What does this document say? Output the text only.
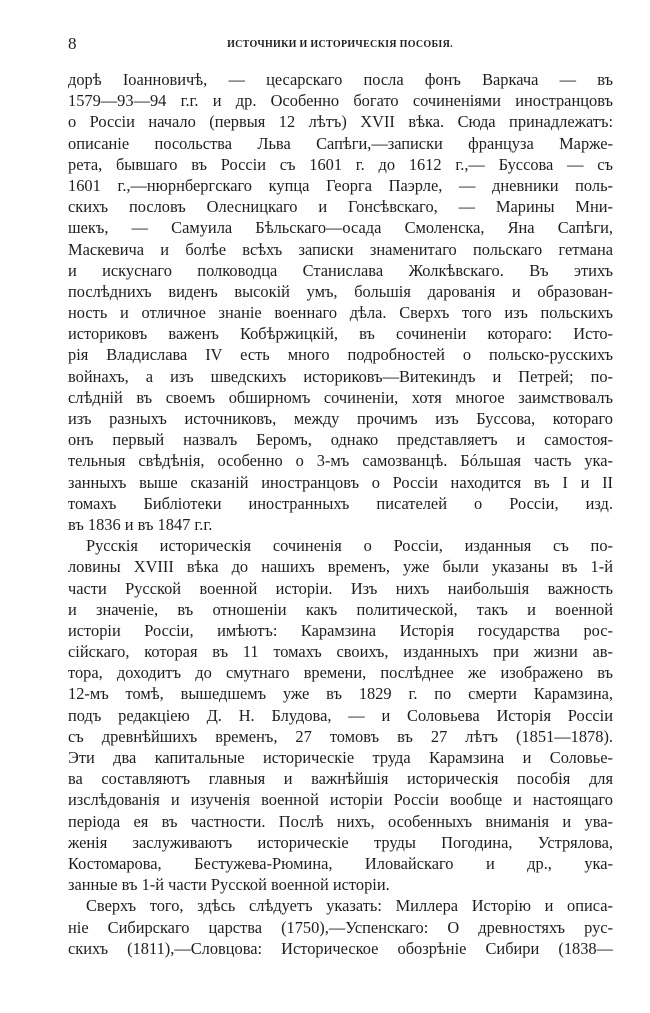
8	ИСТОЧНИКИ И ИСТОРИЧЕСКІЯ ПОСОБІЯ.
дорѣ Іоанновичѣ, — цесарскаго посла фонъ Варкача — въ
1579—93—94 г.г. и др. Особенно богато сочиненіями иностранцовъ
о Россіи начало (первыя 12 лѣтъ) XVII вѣка. Сюда принадлежатъ:
описаніе посольства Льва Сапѣги,—записки француза Марже-
рета, бывшаго въ Россіи съ 1601 г. до 1612 г.,— Буссова — съ
1601 г.,—нюрнбергскаго купца Георга Паэрле, — дневники поль-
скихъ пословъ Олесницкаго и Гонсѣвскаго, — Марины Мни-
шекъ, — Самуила Бѣльскаго—осада Смоленска, Яна Сапѣги,
Маскевича и болѣе всѣхъ записки знаменитаго польскаго гетмана
и искуснаго полководца Станислава Жолкѣвскаго. Въ этихъ
послѣднихъ виденъ высокій умъ, большія дарованія и образован-
ность и отличное знаніе военнаго дѣла. Сверхъ того изъ польскихъ
историковъ важенъ Кобѣржицкій, въ сочиненіи котораго: Исто-
рія Владислава IV есть много подробностей о польско-русскихъ
войнахъ, а изъ шведскихъ историковъ—Витекиндъ и Петрей; по-
слѣдній въ своемъ обширномъ сочиненіи, хотя многое заимствовалъ
изъ разныхъ источниковъ, между прочимъ изъ Буссова, котораго
онъ первый назвалъ Беромъ, однако представляетъ и самостоя-
тельныя свѣдѣнія, особенно о 3-мъ самозванцѣ. Бóльшая часть ука-
занныхъ выше сказаній иностранцовъ о Россіи находится въ I и II
томахъ Библіотеки иностранныхъ писателей о Россіи, изд.
въ 1836 и въ 1847 г.г.
Русскія историческія сочиненія о Россіи, изданныя съ по-
ловины XVIII вѣка до нашихъ временъ, уже были указаны въ 1-й
части Русской военной исторіи. Изъ нихъ наибольшія важность
и значеніе, въ отношеніи какъ политической, такъ и военной
исторіи Россіи, имѣютъ: Карамзина Исторія государства рос-
сійскаго, которая въ 11 томахъ своихъ, изданныхъ при жизни ав-
тора, доходитъ до смутнаго времени, послѣднее же изображено въ
12-мъ томѣ, вышедшемъ уже въ 1829 г. по смерти Карамзина,
подъ редакціею Д. Н. Блудова, — и Соловьева Исторія Россіи
съ древнѣйшихъ временъ, 27 томовъ въ 27 лѣтъ (1851—1878).
Эти два капитальные историческіе труда Карамзина и Соловье-
ва составляютъ главныя и важнѣйшія историческія пособія для
изслѣдованія и изученія военной исторіи Россіи вообще и настоящаго
періода ея въ частности. Послѣ нихъ, особенныхъ вниманія и ува-
женія заслуживаютъ историческіе труды Погодина, Устрялова,
Костомарова, Бестужева-Рюмина, Иловайскаго и др., ука-
занные въ 1-й части Русской военной исторіи.
Сверхъ того, здѣсь слѣдуетъ указать: Миллера Исторію и описа-
ніе Сибирскаго царства (1750),—Успенскаго: О древностяхъ рус-
скихъ (1811),—Словцова: Историческое обозрѣніе Сибири (1838—
